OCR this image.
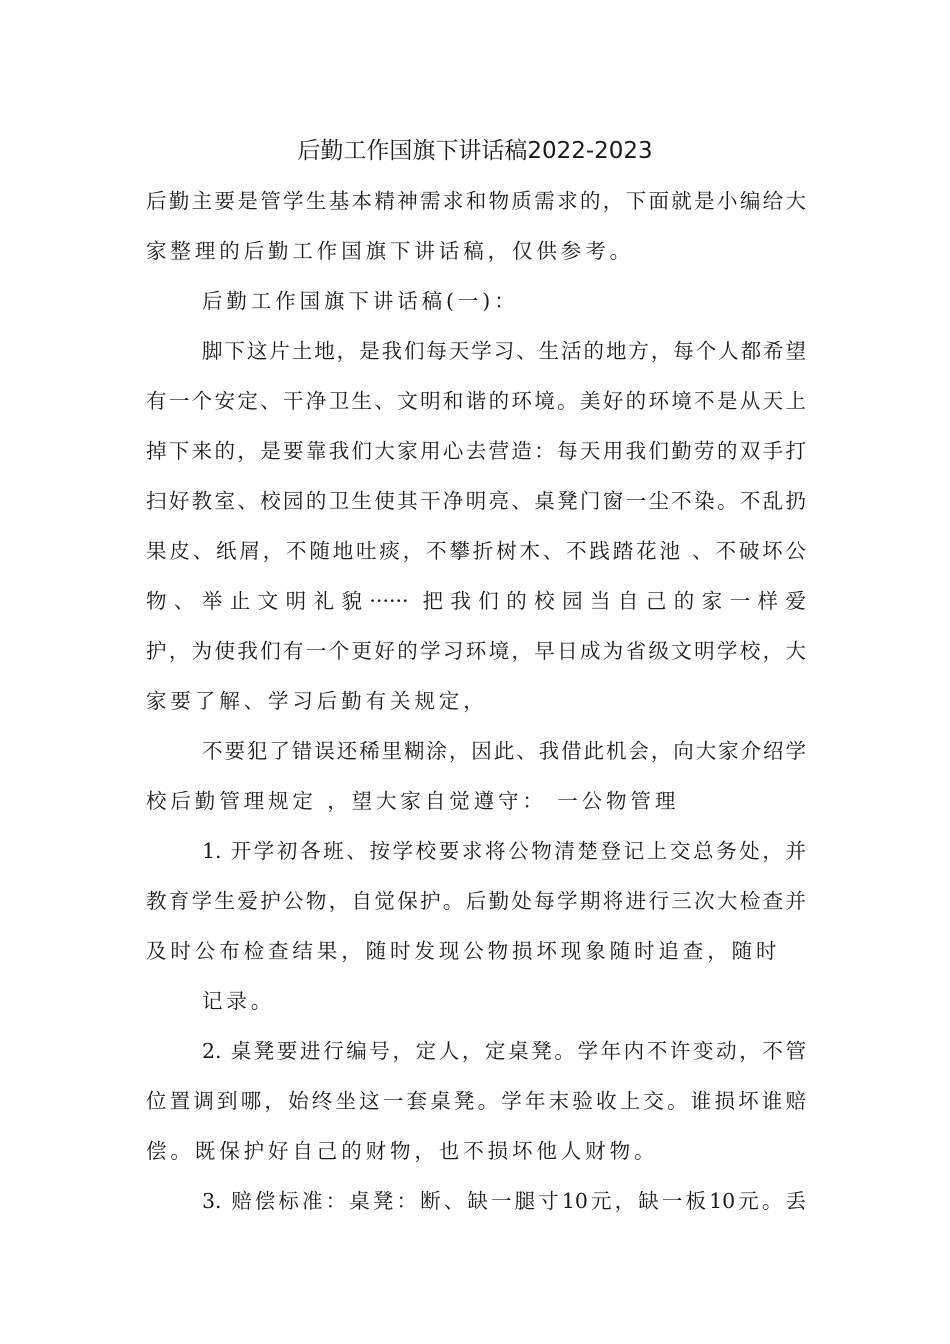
后勤工作国旗下讲话稿2022-2023
后勤主要是管学生基本精神需求和物质需求的，下面就是小编给大
家整理的后勤工作国旗下讲话稿，仅供参考。
后勤工作国旗下讲话稿(一)：
脚下这片土地，是我们每天学习、生活的地方，每个人都希望
有一个安定、干净卫生、文明和谐的环境。美好的环境不是从天上
掉下来的，是要靠我们大家用心去营造：每天用我们勤劳的双手打
扫好教室、校园的卫生使其干净明亮、桌凳门窗一尘不染。不乱扔
果皮、纸屑，不随地吐痰，不攀折树木、不践踏花池 、不破坏公
物、举止文明礼貌······ 把我们的校园当自己的家一样爱
护，为使我们有一个更好的学习环境，早日成为省级文明学校，大
家要了解、学习后勤有关规定，
不要犯了错误还稀里糊涂，因此、我借此机会，向大家介绍学
校后勤管理规定 ，望大家自觉遵守： 一公物管理
1. 开学初各班、按学校要求将公物清楚登记上交总务处，并
教育学生爱护公物，自觉保护。后勤处每学期将进行三次大检查并
及时公布检查结果，随时发现公物损坏现象随时追查，随时
记录。
2. 桌凳要进行编号，定人，定桌凳。学年内不许变动，不管
位置调到哪，始终坐这一套桌凳。学年末验收上交。谁损坏谁赔
偿。既保护好自己的财物，也不损坏他人财物。
3. 赔偿标准：桌凳：断、缺一腿寸10元，缺一板10元。丢
